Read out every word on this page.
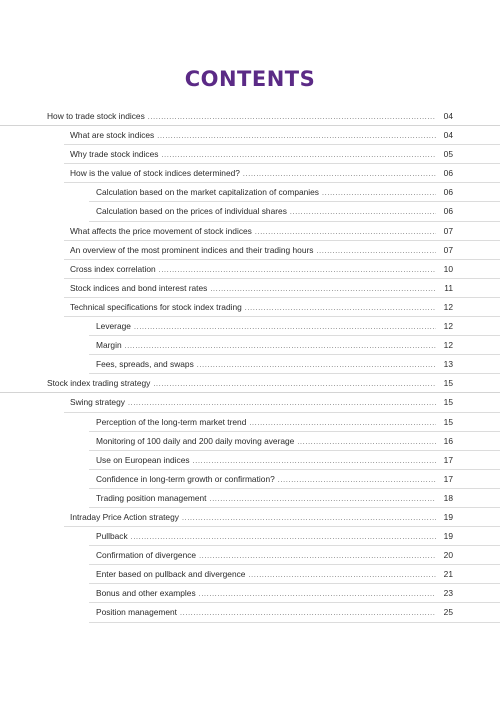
CONTENTS
How to trade stock indices . . .	04
What are stock indices . . .	04
Why trade stock indices . . .	05
How is the value of stock indices determined? . . .	06
Calculation based on the market capitalization of companies . . .	06
Calculation based on the prices of individual shares . . .	06
What affects the price movement of stock indices . . .	07
An overview of the most prominent indices and their trading hours . . .	07
Cross index correlation . . .	10
Stock indices and bond interest rates . . .	11
Technical specifications for stock index trading . . .	12
Leverage . . .	12
Margin . . .	12
Fees, spreads, and swaps . . .	13
Stock index trading strategy . . .	15
Swing strategy . . .	15
Perception of the long-term market trend . . .	15
Monitoring of 100 daily and 200 daily moving average . . .	16
Use on European indices . . .	17
Confidence in long-term growth or confirmation? . . .	17
Trading position management . . .	18
Intraday Price Action strategy . . .	19
Pullback . . .	19
Confirmation of divergence . . .	20
Enter based on pullback and divergence . . .	21
Bonus and other examples . . .	23
Position management . . .	25
